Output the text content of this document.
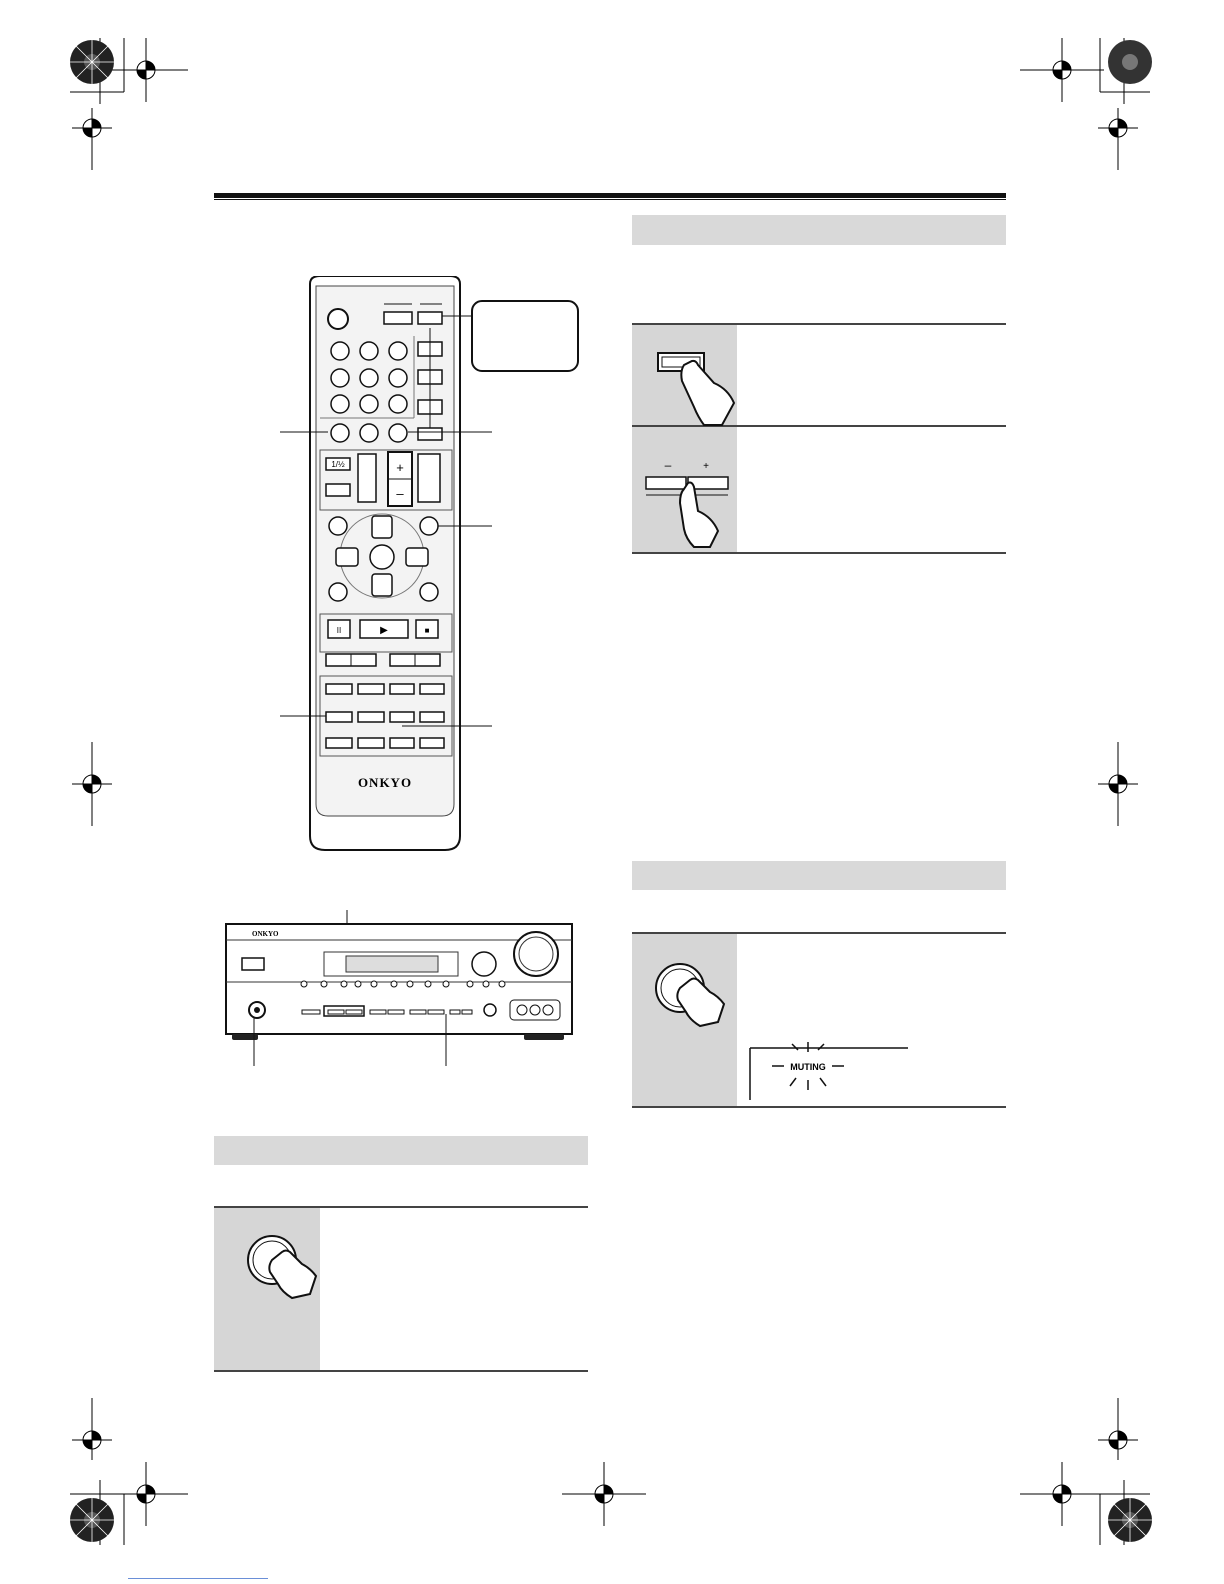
1/½	+
–
II	▶	■
ONKYO
ONKYO
–	+
MUTING
